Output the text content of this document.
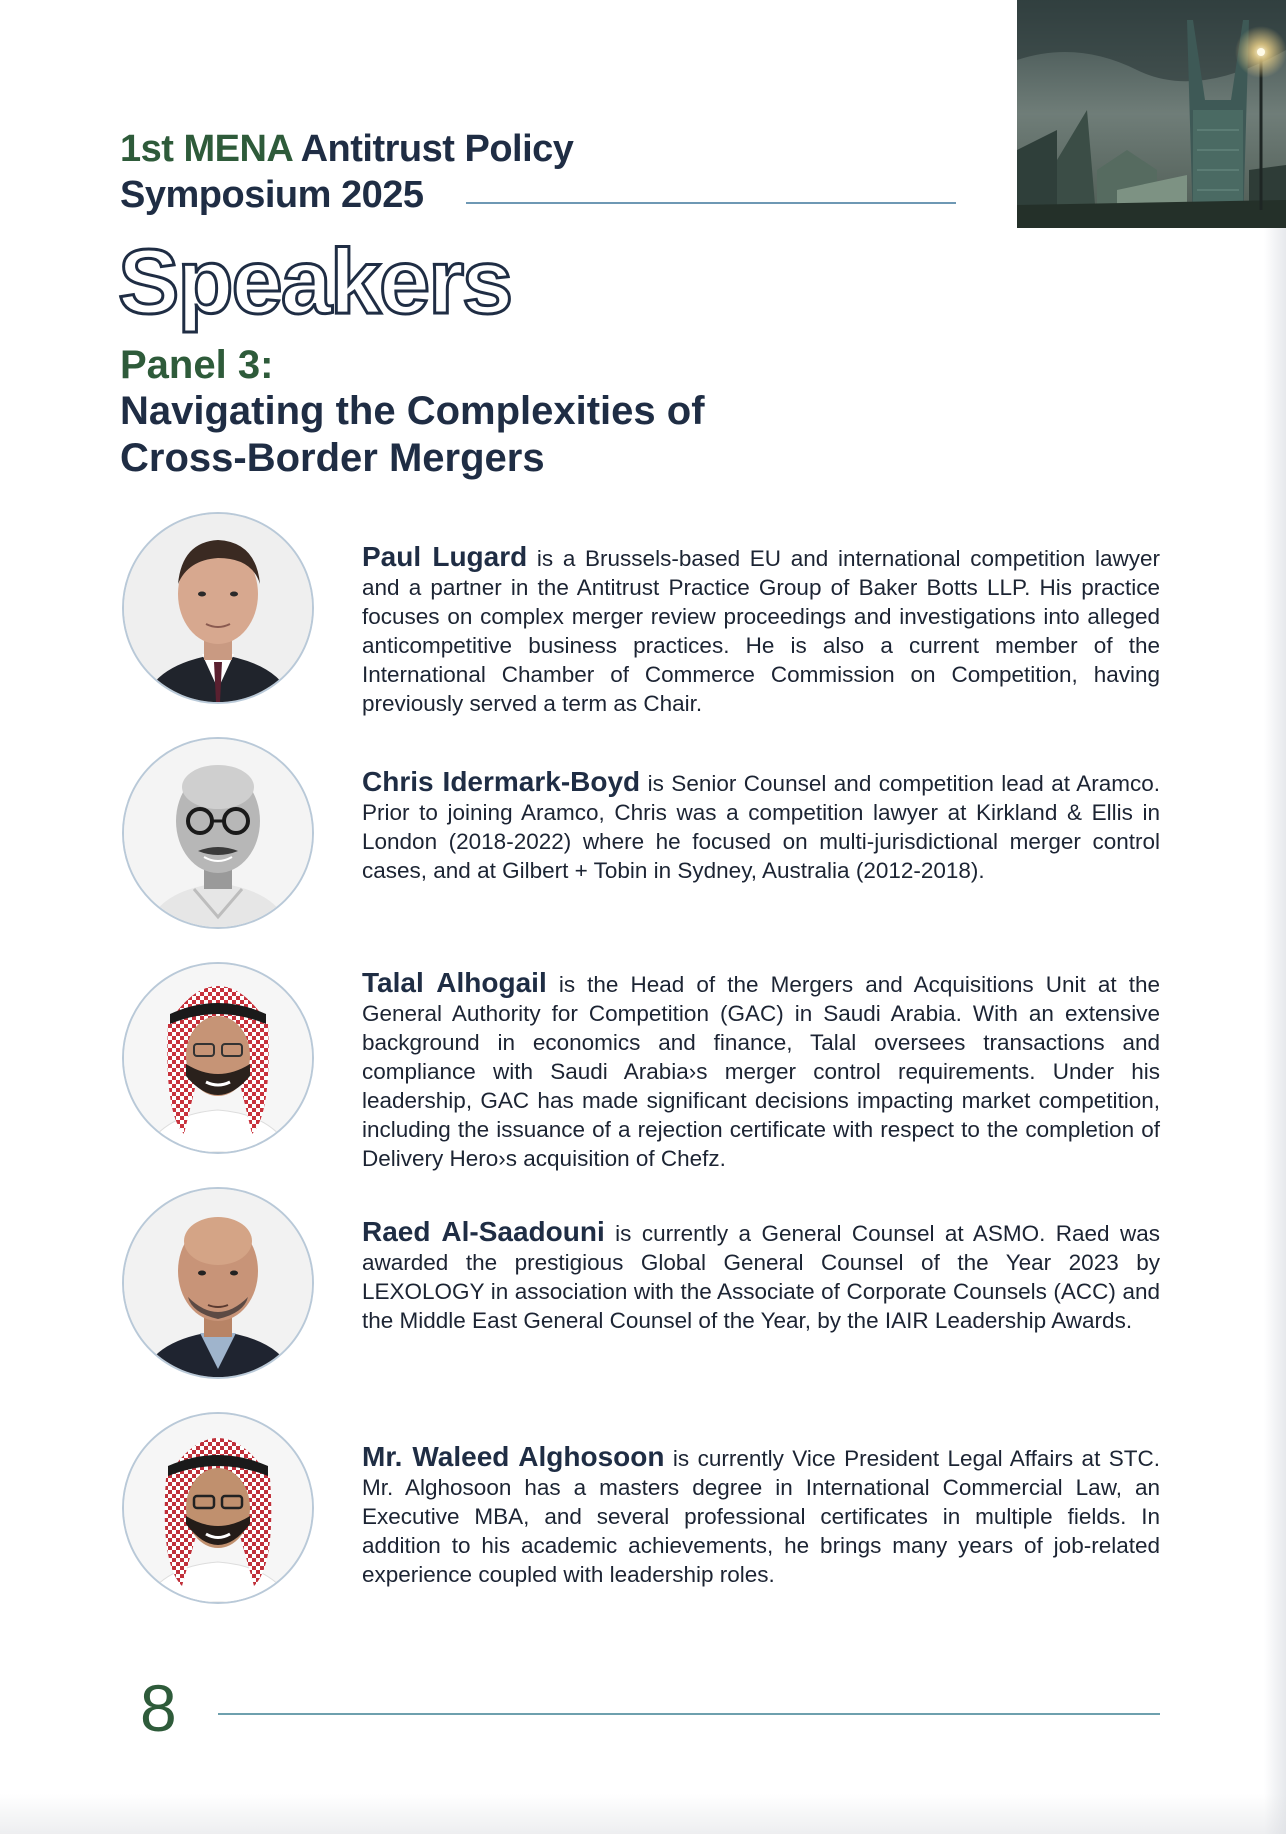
1st MENA Antitrust Policy
Symposium 2025
Speakers
Panel 3:
Navigating the Complexities of
Cross-Border Mergers
Paul Lugard is a Brussels-based EU and international competition lawyer and a partner in the Antitrust Practice Group of Baker Botts LLP. His practice focuses on complex merger review proceedings and investigations into alleged anticompetitive business practices. He is also a current member of the International Chamber of Commerce Commission on Competition, having previously served a term as Chair.
Chris Idermark-Boyd is Senior Counsel and competition lead at Aramco. Prior to joining Aramco, Chris was a competition lawyer at Kirkland & Ellis in London (2018-2022) where he focused on multi-jurisdictional merger control cases, and at Gilbert + Tobin in Sydney, Australia (2012-2018).
Talal Alhogail is the Head of the Mergers and Acquisitions Unit at the General Authority for Competition (GAC) in Saudi Arabia. With an extensive background in economics and finance, Talal oversees transactions and compliance with Saudi Arabia›s merger control requirements. Under his leadership, GAC has made significant decisions impacting market competition, including the issuance of a rejection certificate with respect to the completion of Delivery Hero›s acquisition of Chefz.
Raed Al-Saadouni is currently a General Counsel at ASMO. Raed was awarded the prestigious Global General Counsel of the Year 2023 by LEXOLOGY in association with the Associate of Corporate Counsels (ACC) and the Middle East General Counsel of the Year, by the IAIR Leadership Awards.
Mr. Waleed Alghosoon is currently Vice President Legal Affairs at STC. Mr. Alghosoon has a masters degree in International Commercial Law, an Executive MBA, and several professional certificates in multiple fields. In addition to his academic achievements, he brings many years of job-related experience coupled with leadership roles.
8
